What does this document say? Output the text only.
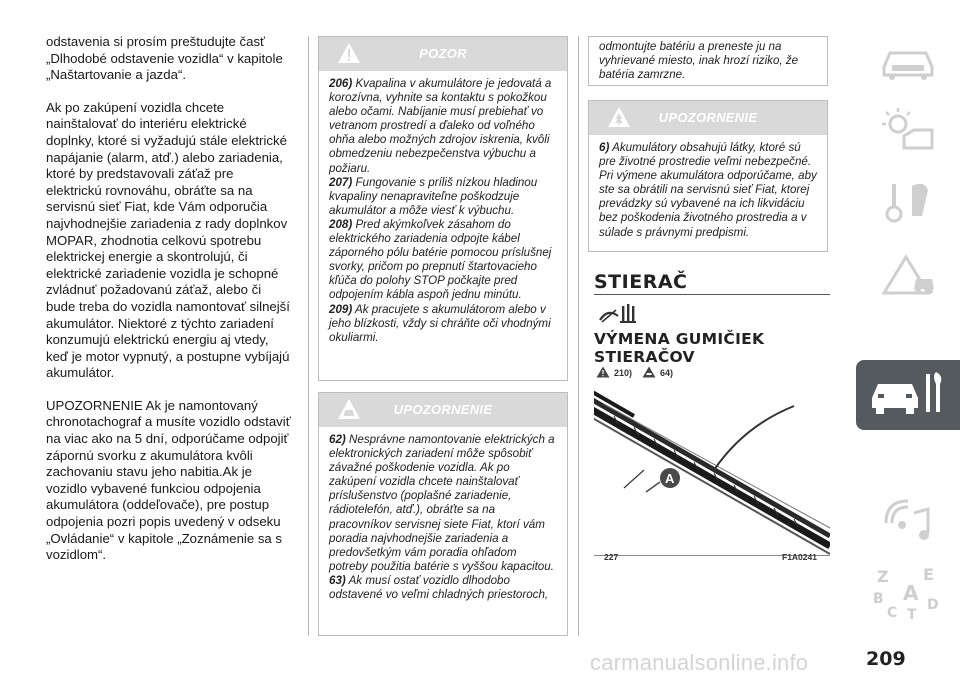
odstavenia si prosím preštudujte časť „Dlhodobé odstavenie vozidla“ v kapitole „Naštartovanie a jazda“.

Ak po zakúpení vozidla chcete nainštalovať do interiéru elektrické doplnky, ktoré si vyžadujú stále elektrické napájanie (alarm, atď.) alebo zariadenia, ktoré by predstavovali záťaž pre elektrickú rovnováhu, obráťte sa na servisnú sieť Fiat, kde Vám odporučia najvhodnejšie zariadenia z rady doplnkov MOPAR, zhodnotia celkovú spotrebu elektrickej energie a skontrolujú, či elektrické zariadenie vozidla je schopné zvládnuť požadovanú záťaž, alebo či bude treba do vozidla namontovať silnejší akumulátor. Niektoré z týchto zariadení konzumujú elektrickú energiu aj vtedy, keď je motor vypnutý, a postupne vybíjajú akumulátor.

UPOZORNENIE Ak je namontovaný chronotachograf a musíte vozidlo odstaviť na viac ako na 5 dní, odporúčame odpojiť zápornú svorku z akumulátora kvôli zachovaniu stavu jeho nabitia.Ak je vozidlo vybavené funkciou odpojenia akumulátora (oddeľovače), pre postup odpojenia pozri popis uvedený v odseku „Ovládanie“ v kapitole „Zoznámenie sa s vozidlom“.

POZOR
206) Kvapalina v akumulátore je jedovatá a korozívna, vyhnite sa kontaktu s pokožkou alebo očami. Nabíjanie musí prebiehať vo vetranom prostredí a ďaleko od voľného ohňa alebo možných zdrojov iskrenia, kvôli obmedzeniu nebezpečenstva výbuchu a požiaru.
207) Fungovanie s príliš nízkou hladinou kvapaliny nenapraviteľne poškodzuje akumulátor a môže viesť k výbuchu.
208) Pred akýmkoľvek zásahom do elektrického zariadenia odpojte kábel záporného pólu batérie pomocou príslušnej svorky, pričom po prepnutí štartovacieho kľúča do polohy STOP počkajte pred odpojením kábla aspoň jednu minútu.
209) Ak pracujete s akumulátorom alebo v jeho blízkosti, vždy si chráňte oči vhodnými okuliarmi.
UPOZORNENIE
62) Nesprávne namontovanie elektrických a elektronických zariadení môže spôsobiť závažné poškodenie vozidla. Ak po zakúpení vozidla chcete nainštalovať príslušenstvo (poplašné zariadenie, rádiotelefón, atď.), obráťte sa na pracovníkov servisnej siete Fiat, ktorí vám poradia najvhodnejšie zariadenia a predovšetkým vám poradia ohľadom potreby použitia batérie s vyššou kapacitou.
63) Ak musí ostať vozidlo dlhodobo odstavené vo veľmi chladných priestoroch,
odmontujte batériu a preneste ju na vyhrievané miesto, inak hrozí riziko, že batéria zamrzne.
UPOZORNENIE
6) Akumulátory obsahujú látky, ktoré sú pre životné prostredie veľmi nebezpečné. Pri výmene akumulátora odporúčame, aby ste sa obrátili na servisnú sieť Fiat, ktorej prevádzky sú vybavené na ich likvidáciu bez poškodenia životného prostredia a v súlade s právnymi predpismi.
STIERAČ
VÝMENA GUMIČIEK
STIERAČOV
210)	64)
A
227	F1A0241
Z E
B A
C T
D
carmanualsonline.info	209
